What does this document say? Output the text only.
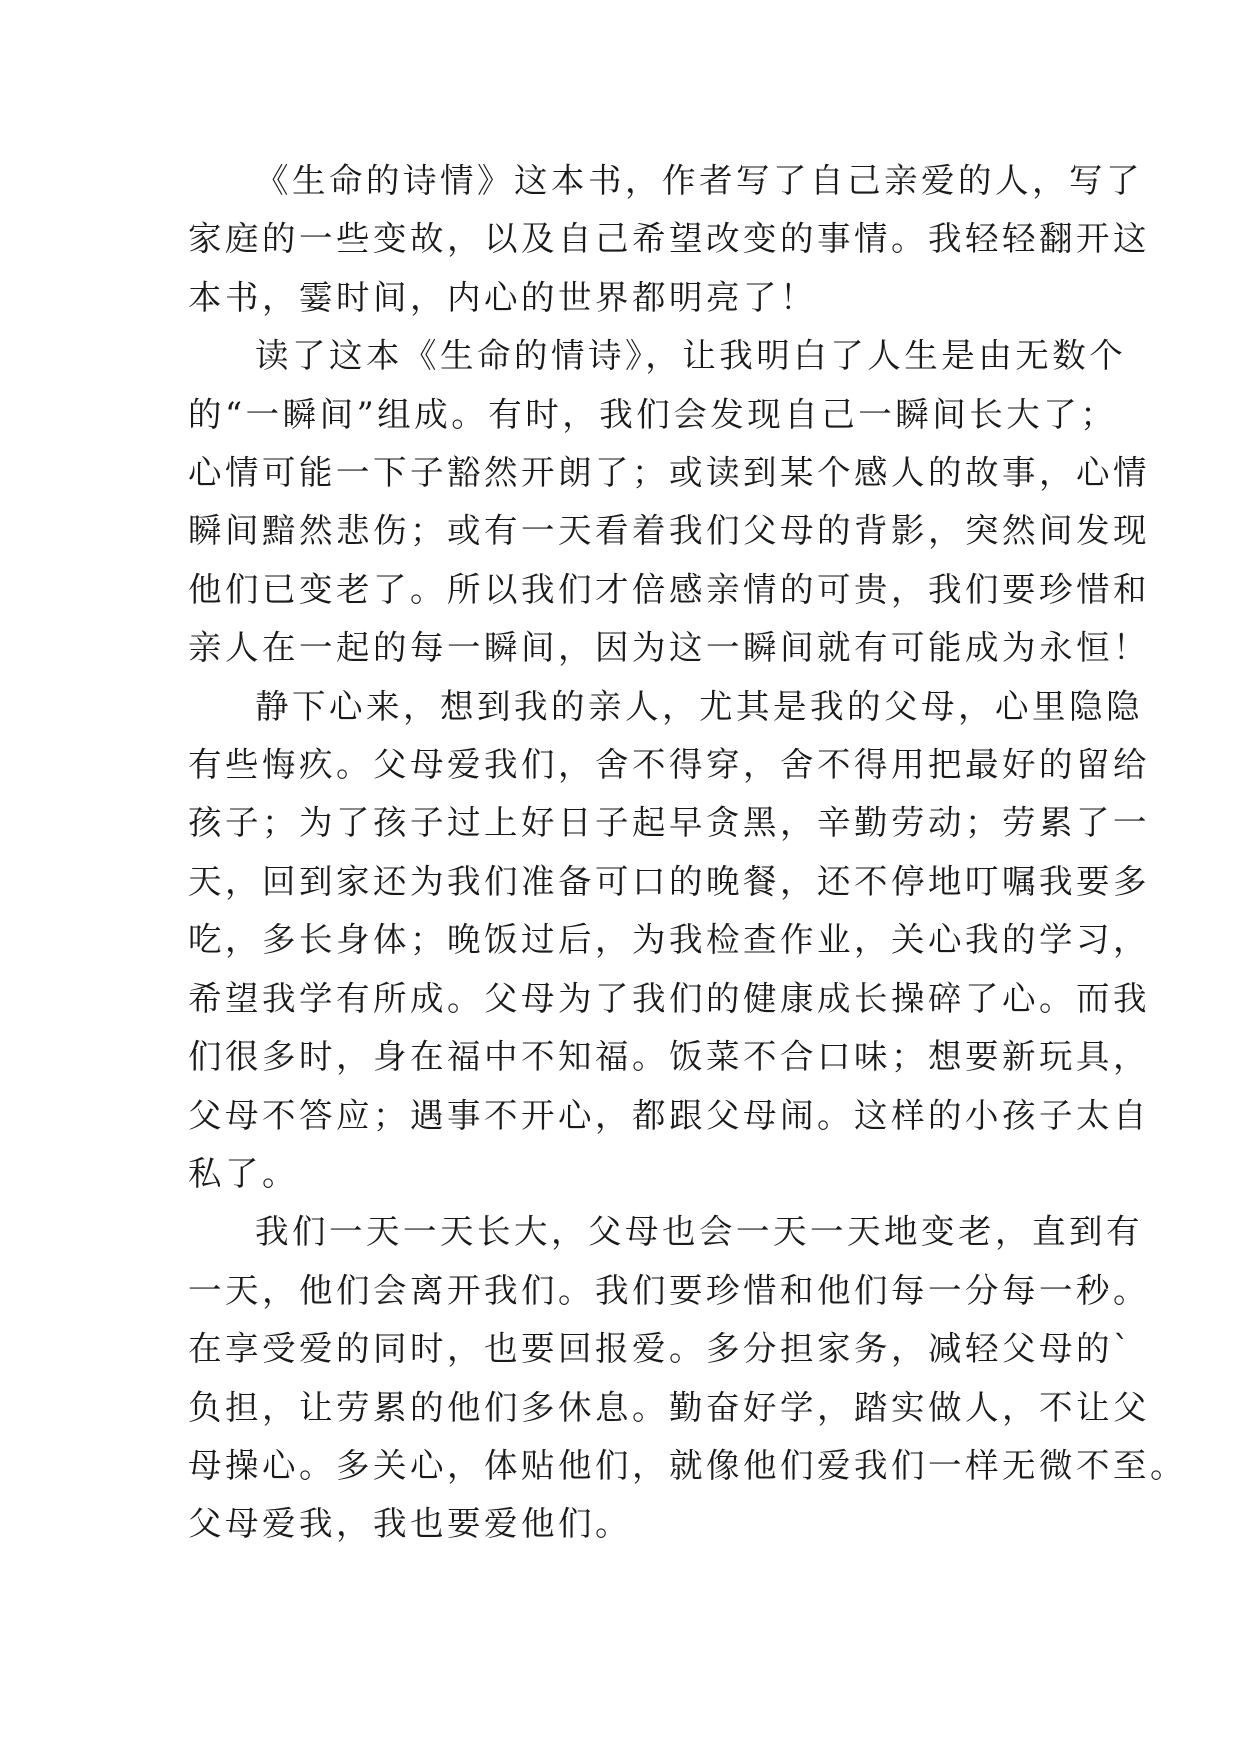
《生命的诗情》这本书，作者写了自己亲爱的人，写了
家庭的一些变故，以及自己希望改变的事情。我轻轻翻开这
本书，霎时间，内心的世界都明亮了！
读了这本《生命的情诗》，让我明白了人生是由无数个
的“一瞬间”组成。有时，我们会发现自己一瞬间长大了；
心情可能一下子豁然开朗了；或读到某个感人的故事，心情
瞬间黯然悲伤；或有一天看着我们父母的背影，突然间发现
他们已变老了。所以我们才倍感亲情的可贵，我们要珍惜和
亲人在一起的每一瞬间，因为这一瞬间就有可能成为永恒！
静下心来，想到我的亲人，尤其是我的父母，心里隐隐
有些悔疚。父母爱我们，舍不得穿，舍不得用把最好的留给
孩子；为了孩子过上好日子起早贪黑，辛勤劳动；劳累了一
天，回到家还为我们准备可口的晚餐，还不停地叮嘱我要多
吃，多长身体；晚饭过后，为我检查作业，关心我的学习，
希望我学有所成。父母为了我们的健康成长操碎了心。而我
们很多时，身在福中不知福。饭菜不合口味；想要新玩具，
父母不答应；遇事不开心，都跟父母闹。这样的小孩子太自
私了。
我们一天一天长大，父母也会一天一天地变老，直到有
一天，他们会离开我们。我们要珍惜和他们每一分每一秒。
在享受爱的同时，也要回报爱。多分担家务，减轻父母的`
负担，让劳累的他们多休息。勤奋好学，踏实做人，不让父
母操心。多关心，体贴他们，就像他们爱我们一样无微不至。
父母爱我，我也要爱他们。
